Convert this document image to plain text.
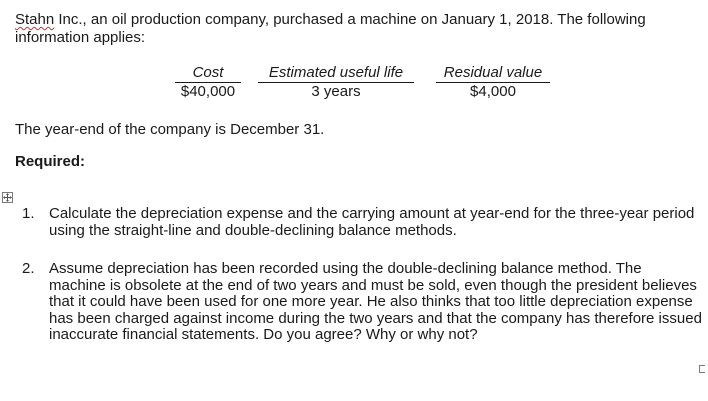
Stahn Inc., an oil production company, purchased a machine on January 1, 2018. The following information applies:

Cost
$40,000
Estimated useful life
3 years
Residual value
$4,000

The year-end of the company is December 31.

Required:

1. Calculate the depreciation expense and the carrying amount at year-end for the three-year period using the straight-line and double-declining balance methods.
2. Assume depreciation has been recorded using the double-declining balance method. The machine is obsolete at the end of two years and must be sold, even though the president believes that it could have been used for one more year. He also thinks that too little depreciation expense has been charged against income during the two years and that the company has therefore issued inaccurate financial statements. Do you agree? Why or why not?
